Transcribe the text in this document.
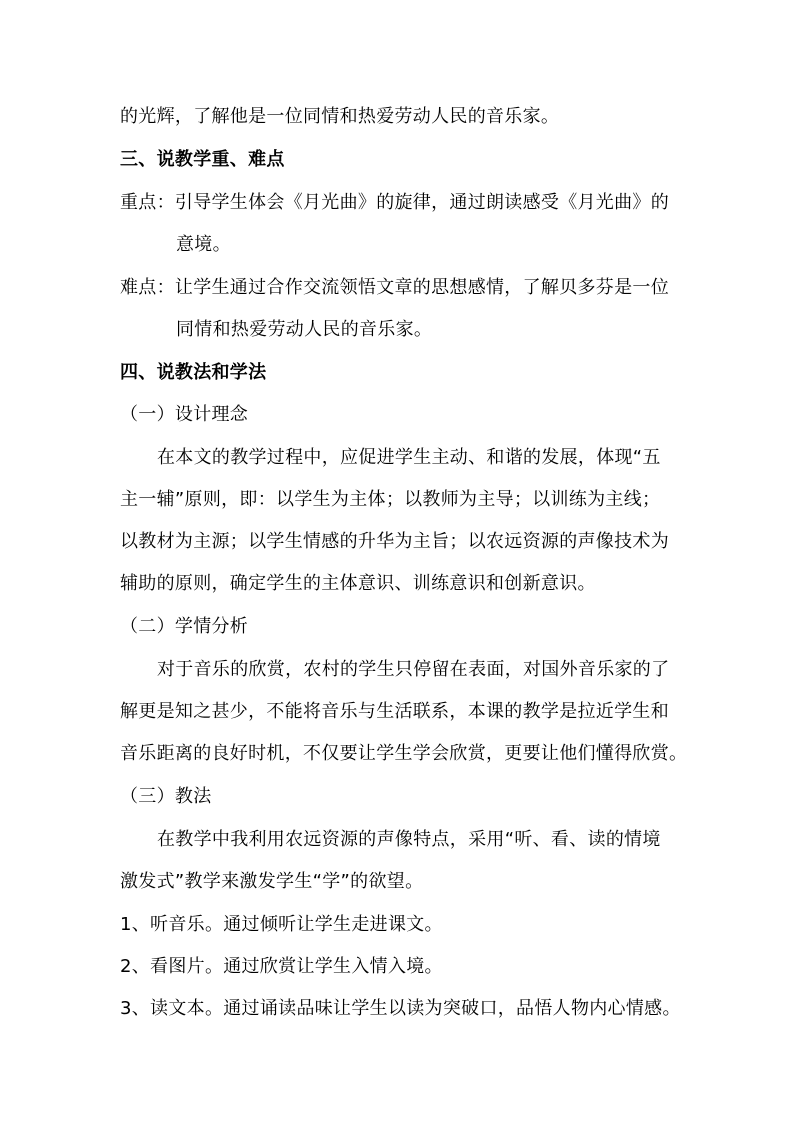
的光辉，了解他是一位同情和热爱劳动人民的音乐家。
三、说教学重、难点
重点：引导学生体会《月光曲》的旋律，通过朗读感受《月光曲》的
意境。
难点：让学生通过合作交流领悟文章的思想感情，了解贝多芬是一位
同情和热爱劳动人民的音乐家。
四、说教法和学法
（一）设计理念
在本文的教学过程中，应促进学生主动、和谐的发展，体现“五
主一辅”原则，即：以学生为主体；以教师为主导；以训练为主线；
以教材为主源；以学生情感的升华为主旨；以农远资源的声像技术为
辅助的原则，确定学生的主体意识、训练意识和创新意识。
（二）学情分析
对于音乐的欣赏，农村的学生只停留在表面，对国外音乐家的了
解更是知之甚少，不能将音乐与生活联系，本课的教学是拉近学生和
音乐距离的良好时机，不仅要让学生学会欣赏，更要让他们懂得欣赏。
（三）教法
在教学中我利用农远资源的声像特点，采用“听、看、读的情境
激发式”教学来激发学生“学”的欲望。
1、听音乐。通过倾听让学生走进课文。
2、看图片。通过欣赏让学生入情入境。
3、读文本。通过诵读品味让学生以读为突破口，品悟人物内心情感。
